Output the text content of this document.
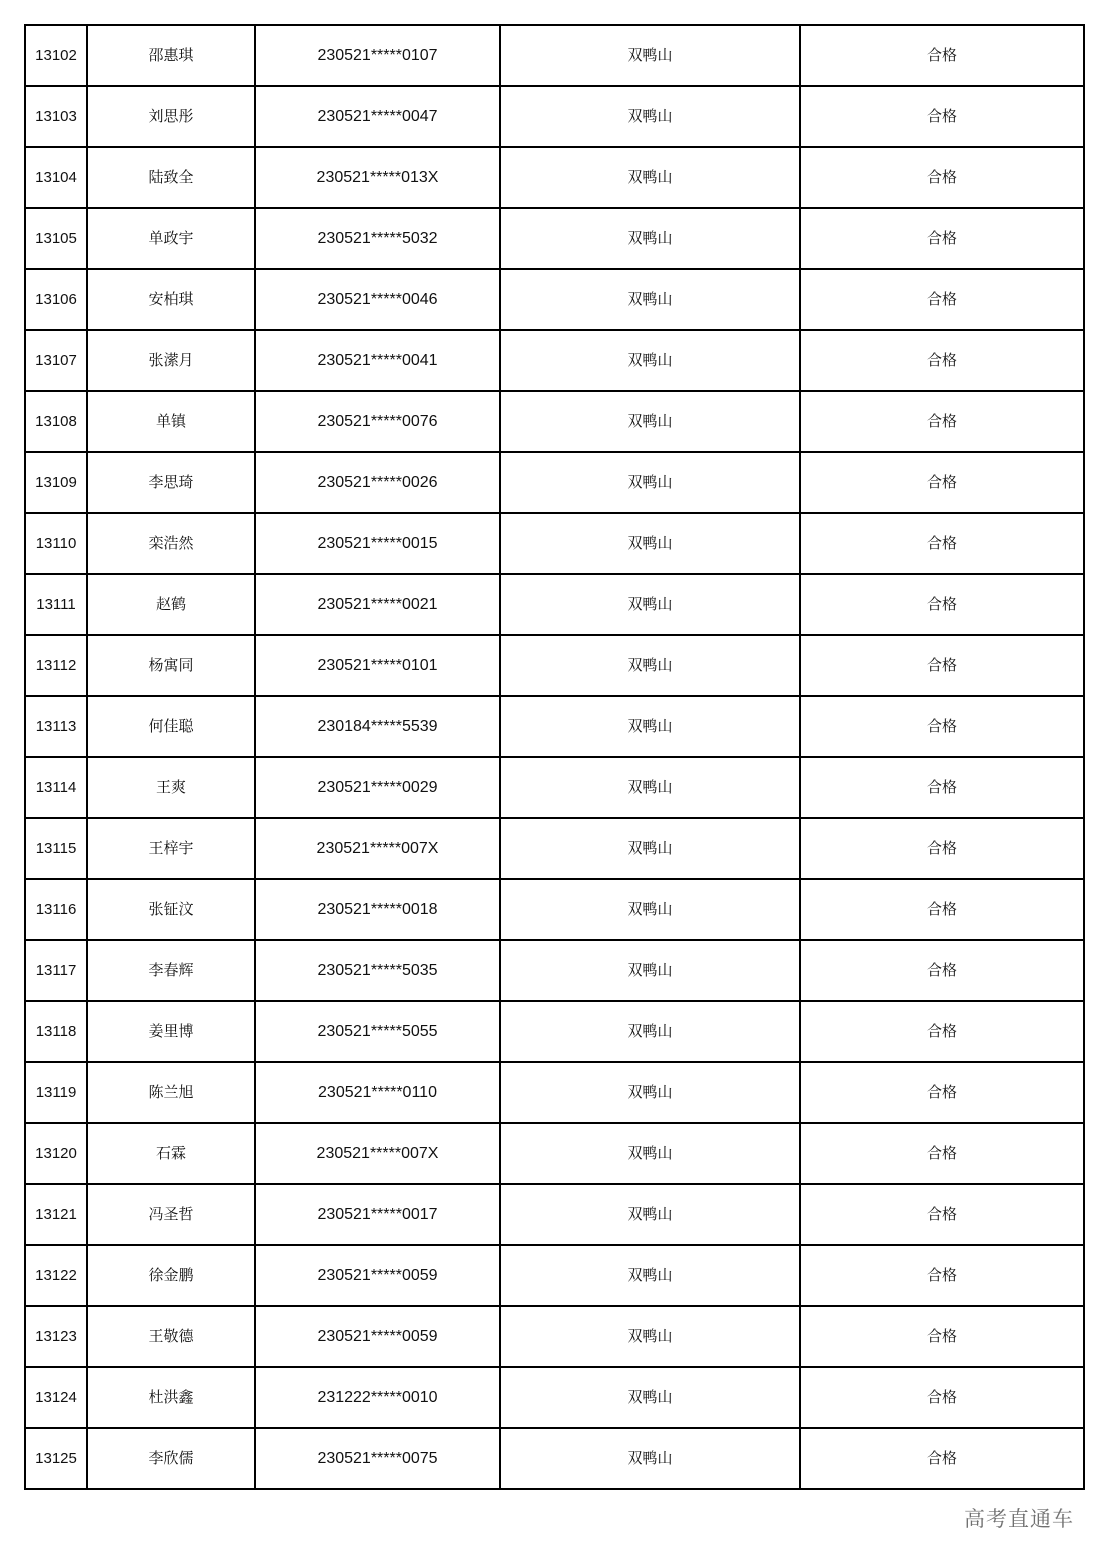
13102	邵惠琪	230521*****0107	双鸭山	合格
13103	刘思彤	230521*****0047	双鸭山	合格
13104	陆致全	230521*****013X	双鸭山	合格
13105	单政宇	230521*****5032	双鸭山	合格
13106	安柏琪	230521*****0046	双鸭山	合格
13107	张潆月	230521*****0041	双鸭山	合格
13108	单镇	230521*****0076	双鸭山	合格
13109	李思琦	230521*****0026	双鸭山	合格
13110	栾浩然	230521*****0015	双鸭山	合格
13111	赵鹤	230521*****0021	双鸭山	合格
13112	杨寓同	230521*****0101	双鸭山	合格
13113	何佳聪	230184*****5539	双鸭山	合格
13114	王爽	230521*****0029	双鸭山	合格
13115	王梓宇	230521*****007X	双鸭山	合格
13116	张钲汶	230521*****0018	双鸭山	合格
13117	李春辉	230521*****5035	双鸭山	合格
13118	姜里博	230521*****5055	双鸭山	合格
13119	陈兰旭	230521*****0110	双鸭山	合格
13120	石霖	230521*****007X	双鸭山	合格
13121	冯圣哲	230521*****0017	双鸭山	合格
13122	徐金鹏	230521*****0059	双鸭山	合格
13123	王敬德	230521*****0059	双鸭山	合格
13124	杜洪鑫	231222*****0010	双鸭山	合格
13125	李欣儒	230521*****0075	双鸭山	合格
高考直通车
